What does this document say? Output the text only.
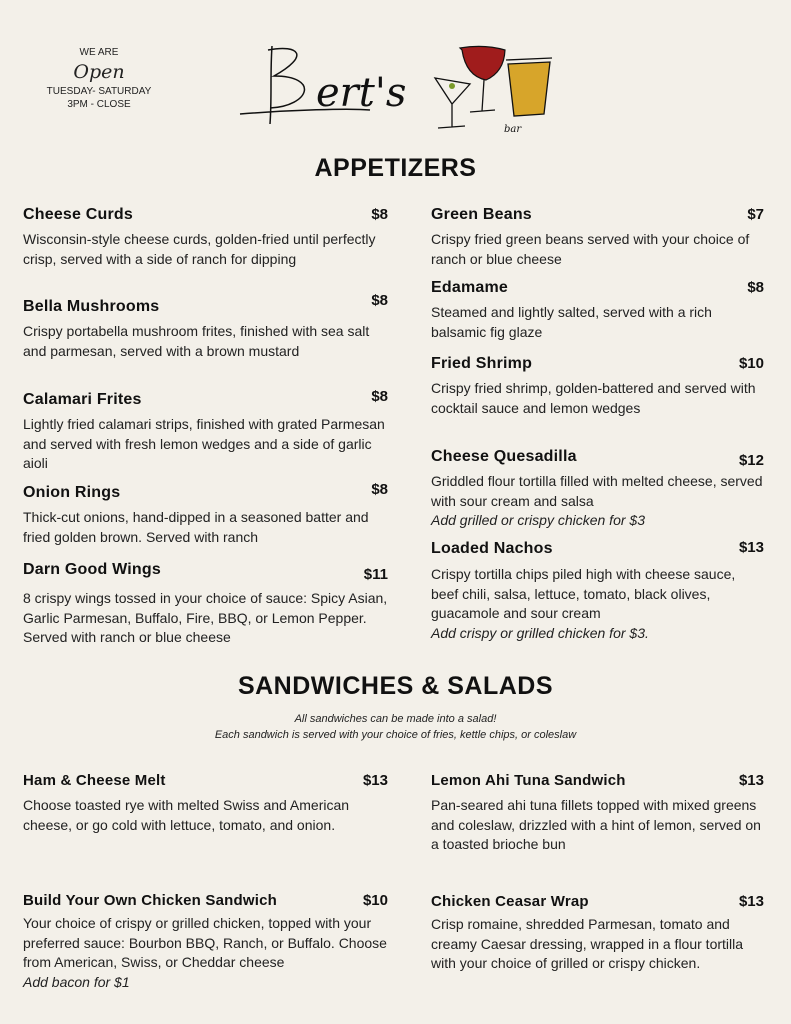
WE ARE
Open
TUESDAY- SATURDAY
3PM - CLOSE	ert's
bar
APPETIZERS
Cheese Curds	$8
Wisconsin-style cheese curds, golden-fried until perfectly crisp, served with a side of ranch for dipping
Bella Mushrooms	$8
Crispy portabella mushroom frites, finished with sea salt and parmesan, served with a brown mustard
Calamari Frites	$8
Lightly fried calamari strips, finished with grated Parmesan and served with fresh lemon wedges and a side of garlic aioli
Onion Rings	$8
Thick-cut onions, hand-dipped in a seasoned batter and fried golden brown. Served with ranch
Darn Good Wings	$11
8 crispy wings tossed in your choice of sauce: Spicy Asian, Garlic Parmesan, Buffalo, Fire, BBQ, or Lemon Pepper. Served with ranch or blue cheese
Green Beans	$7
Crispy fried green beans served with your choice of ranch or blue cheese
Edamame	$8
Steamed and lightly salted, served with a rich balsamic fig glaze
Fried Shrimp	$10
Crispy fried shrimp, golden-battered and served with cocktail sauce and lemon wedges
Cheese Quesadilla	$12
Griddled flour tortilla filled with melted cheese, served with sour cream and salsa
Add grilled or crispy chicken for $3
Loaded Nachos	$13
Crispy tortilla chips piled high with cheese sauce, beef chili, salsa, lettuce, tomato, black olives, guacamole and sour cream
Add crispy or grilled chicken for $3.
SANDWICHES & SALADS
All sandwiches can be made into a salad!
Each sandwich is served with your choice of fries, kettle chips, or coleslaw
Ham & Cheese Melt	$13
Choose toasted rye with melted Swiss and American cheese, or go cold with lettuce, tomato, and onion.
Build Your Own Chicken Sandwich	$10
Your choice of crispy or grilled chicken, topped with your preferred sauce: Bourbon BBQ, Ranch, or Buffalo. Choose from American, Swiss, or Cheddar cheese
Add bacon for $1
Lemon Ahi Tuna Sandwich	$13
Pan-seared ahi tuna fillets topped with mixed greens and coleslaw, drizzled with a hint of lemon, served on a toasted brioche bun
Chicken Ceasar Wrap	$13
Crisp romaine, shredded Parmesan, tomato and creamy Caesar dressing, wrapped in a flour tortilla with your choice of grilled or crispy chicken.
